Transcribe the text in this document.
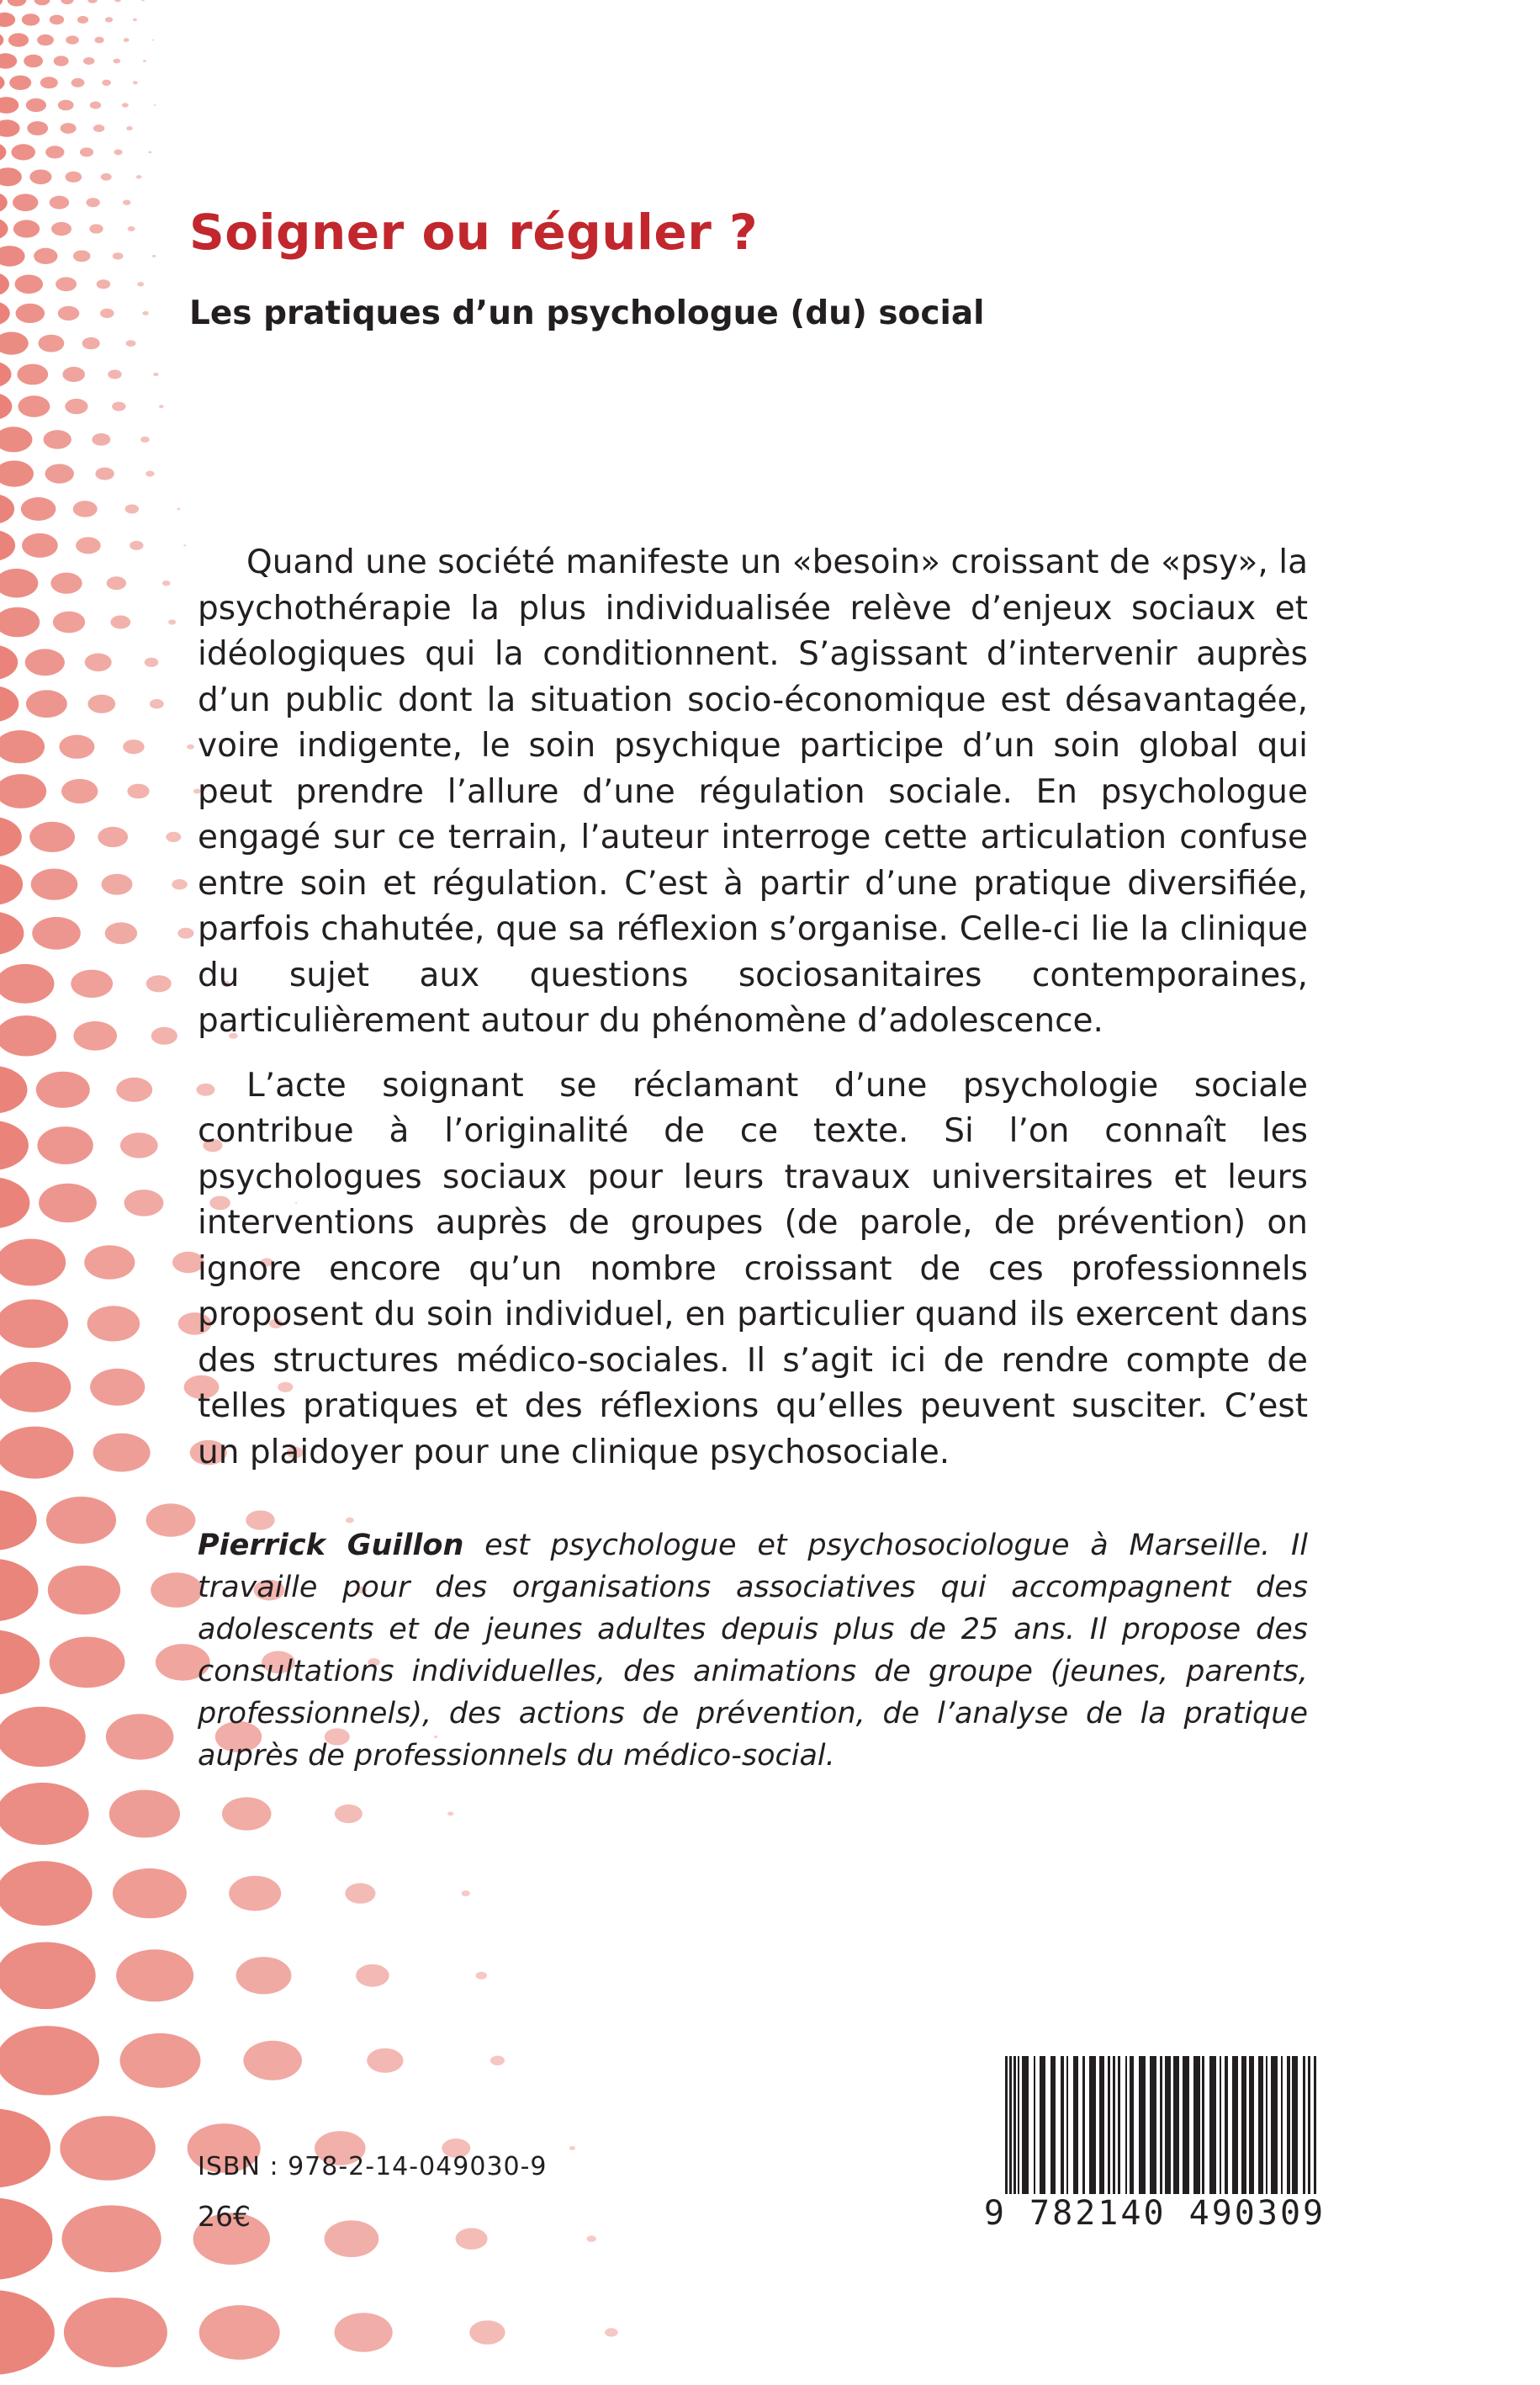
Soigner ou réguler ?
Les pratiques d’un psychologue (du) social

Quand une société manifeste un «besoin» croissant de «psy», la psychothérapie la plus individualisée relève d’enjeux sociaux et idéologiques qui la conditionnent. S’agissant d’intervenir auprès d’un public dont la situation socio-économique est désavantagée, voire indigente, le soin psychique participe d’un soin global qui peut prendre l’allure d’une régulation sociale. En psychologue engagé sur ce terrain, l’auteur interroge cette articulation confuse entre soin et régulation. C’est à partir d’une pratique diversifiée, parfois chahutée, que sa réflexion s’organise. Celle-ci lie la clinique du sujet aux questions sociosanitaires contemporaines, particulièrement autour du phénomène d’adolescence.

L’acte soignant se réclamant d’une psychologie sociale contribue à l’originalité de ce texte. Si l’on connaît les psychologues sociaux pour leurs travaux universitaires et leurs interventions auprès de groupes (de parole, de prévention) on ignore encore qu’un nombre croissant de ces professionnels proposent du soin individuel, en particulier quand ils exercent dans des structures médico-sociales. Il s’agit ici de rendre compte de telles pratiques et des réflexions qu’elles peuvent susciter. C’est un plaidoyer pour une clinique psychosociale.

Pierrick Guillon est psychologue et psychosociologue à Marseille. Il travaille pour des organisations associatives qui accompagnent des adolescents et de jeunes adultes depuis plus de 25 ans. Il propose des consultations individuelles, des animations de groupe (jeunes, parents, professionnels), des actions de prévention, de l’analyse de la pratique auprès de professionnels du médico-social.

ISBN : 978-2-14-049030-9
26€	9 782140 490309
